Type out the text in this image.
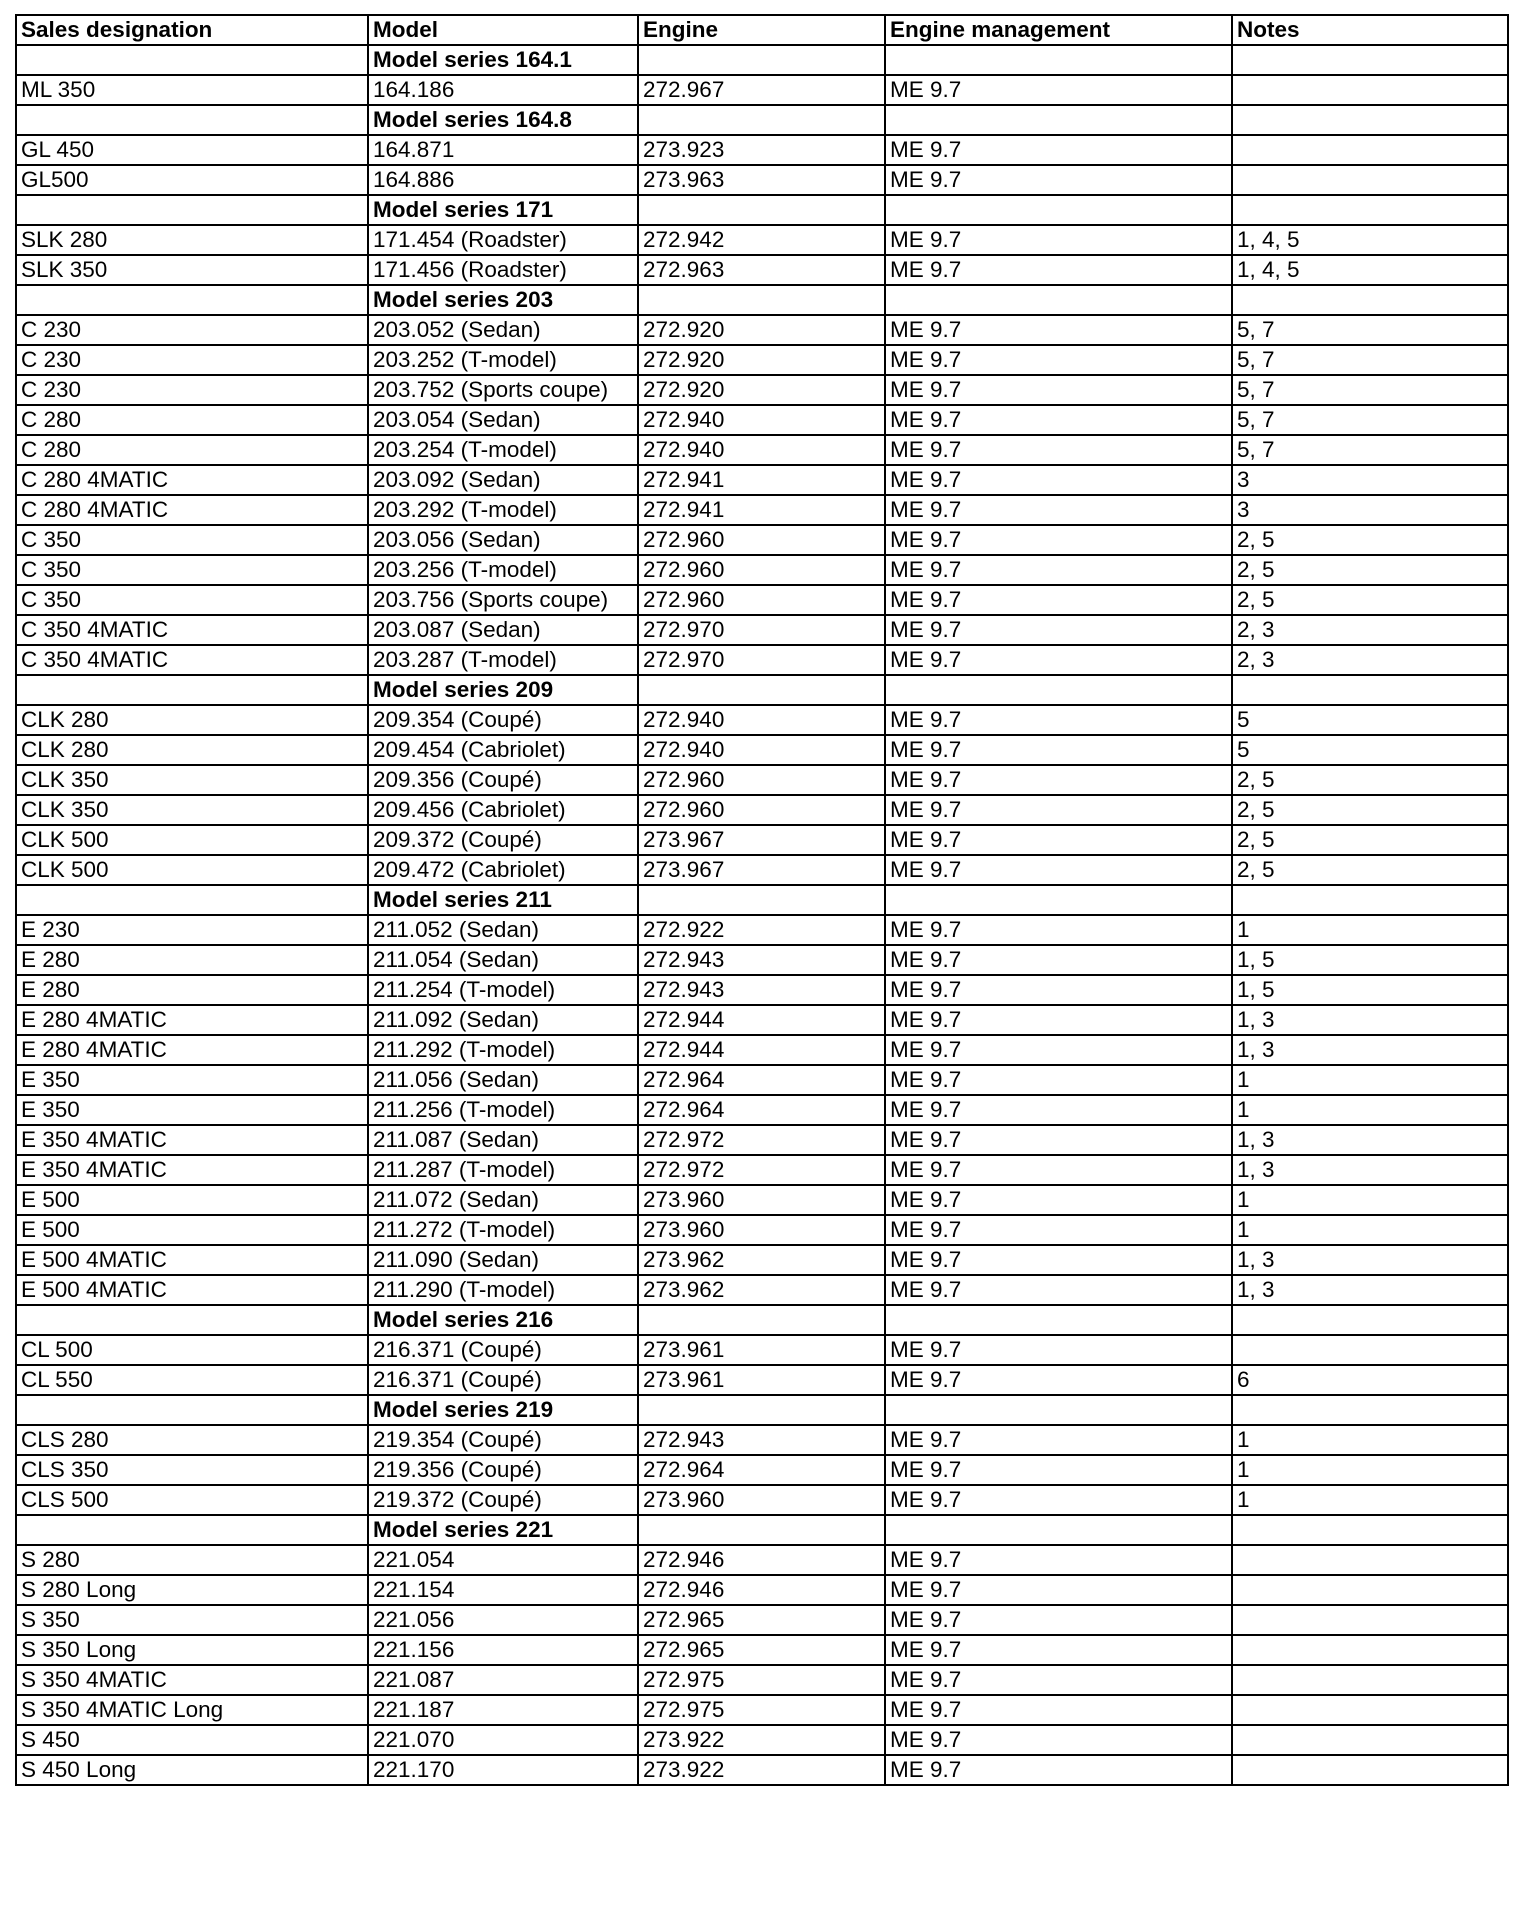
Sales designation	Model	Engine	Engine management	Notes
	Model series 164.1			
ML 350	164.186	272.967	ME 9.7	
	Model series 164.8			
GL 450	164.871	273.923	ME 9.7	
GL500	164.886	273.963	ME 9.7	
	Model series 171			
SLK 280	171.454 (Roadster)	272.942	ME 9.7	1, 4, 5
SLK 350	171.456 (Roadster)	272.963	ME 9.7	1, 4, 5
	Model series 203			
C 230	203.052 (Sedan)	272.920	ME 9.7	5, 7
C 230	203.252 (T-model)	272.920	ME 9.7	5, 7
C 230	203.752 (Sports coupe)	272.920	ME 9.7	5, 7
C 280	203.054 (Sedan)	272.940	ME 9.7	5, 7
C 280	203.254 (T-model)	272.940	ME 9.7	5, 7
C 280 4MATIC	203.092 (Sedan)	272.941	ME 9.7	3
C 280 4MATIC	203.292 (T-model)	272.941	ME 9.7	3
C 350	203.056 (Sedan)	272.960	ME 9.7	2, 5
C 350	203.256 (T-model)	272.960	ME 9.7	2, 5
C 350	203.756 (Sports coupe)	272.960	ME 9.7	2, 5
C 350 4MATIC	203.087 (Sedan)	272.970	ME 9.7	2, 3
C 350 4MATIC	203.287 (T-model)	272.970	ME 9.7	2, 3
	Model series 209			
CLK 280	209.354 (Coupé)	272.940	ME 9.7	5
CLK 280	209.454 (Cabriolet)	272.940	ME 9.7	5
CLK 350	209.356 (Coupé)	272.960	ME 9.7	2, 5
CLK 350	209.456 (Cabriolet)	272.960	ME 9.7	2, 5
CLK 500	209.372 (Coupé)	273.967	ME 9.7	2, 5
CLK 500	209.472 (Cabriolet)	273.967	ME 9.7	2, 5
	Model series 211			
E 230	211.052 (Sedan)	272.922	ME 9.7	1
E 280	211.054 (Sedan)	272.943	ME 9.7	1, 5
E 280	211.254 (T-model)	272.943	ME 9.7	1, 5
E 280 4MATIC	211.092 (Sedan)	272.944	ME 9.7	1, 3
E 280 4MATIC	211.292 (T-model)	272.944	ME 9.7	1, 3
E 350	211.056 (Sedan)	272.964	ME 9.7	1
E 350	211.256 (T-model)	272.964	ME 9.7	1
E 350 4MATIC	211.087 (Sedan)	272.972	ME 9.7	1, 3
E 350 4MATIC	211.287 (T-model)	272.972	ME 9.7	1, 3
E 500	211.072 (Sedan)	273.960	ME 9.7	1
E 500	211.272 (T-model)	273.960	ME 9.7	1
E 500 4MATIC	211.090 (Sedan)	273.962	ME 9.7	1, 3
E 500 4MATIC	211.290 (T-model)	273.962	ME 9.7	1, 3
	Model series 216			
CL 500	216.371 (Coupé)	273.961	ME 9.7	
CL 550	216.371 (Coupé)	273.961	ME 9.7	6
	Model series 219			
CLS 280	219.354 (Coupé)	272.943	ME 9.7	1
CLS 350	219.356 (Coupé)	272.964	ME 9.7	1
CLS 500	219.372 (Coupé)	273.960	ME 9.7	1
	Model series 221			
S 280	221.054	272.946	ME 9.7	
S 280 Long	221.154	272.946	ME 9.7	
S 350	221.056	272.965	ME 9.7	
S 350 Long	221.156	272.965	ME 9.7	
S 350 4MATIC	221.087	272.975	ME 9.7	
S 350 4MATIC Long	221.187	272.975	ME 9.7	
S 450	221.070	273.922	ME 9.7	
S 450 Long	221.170	273.922	ME 9.7	
